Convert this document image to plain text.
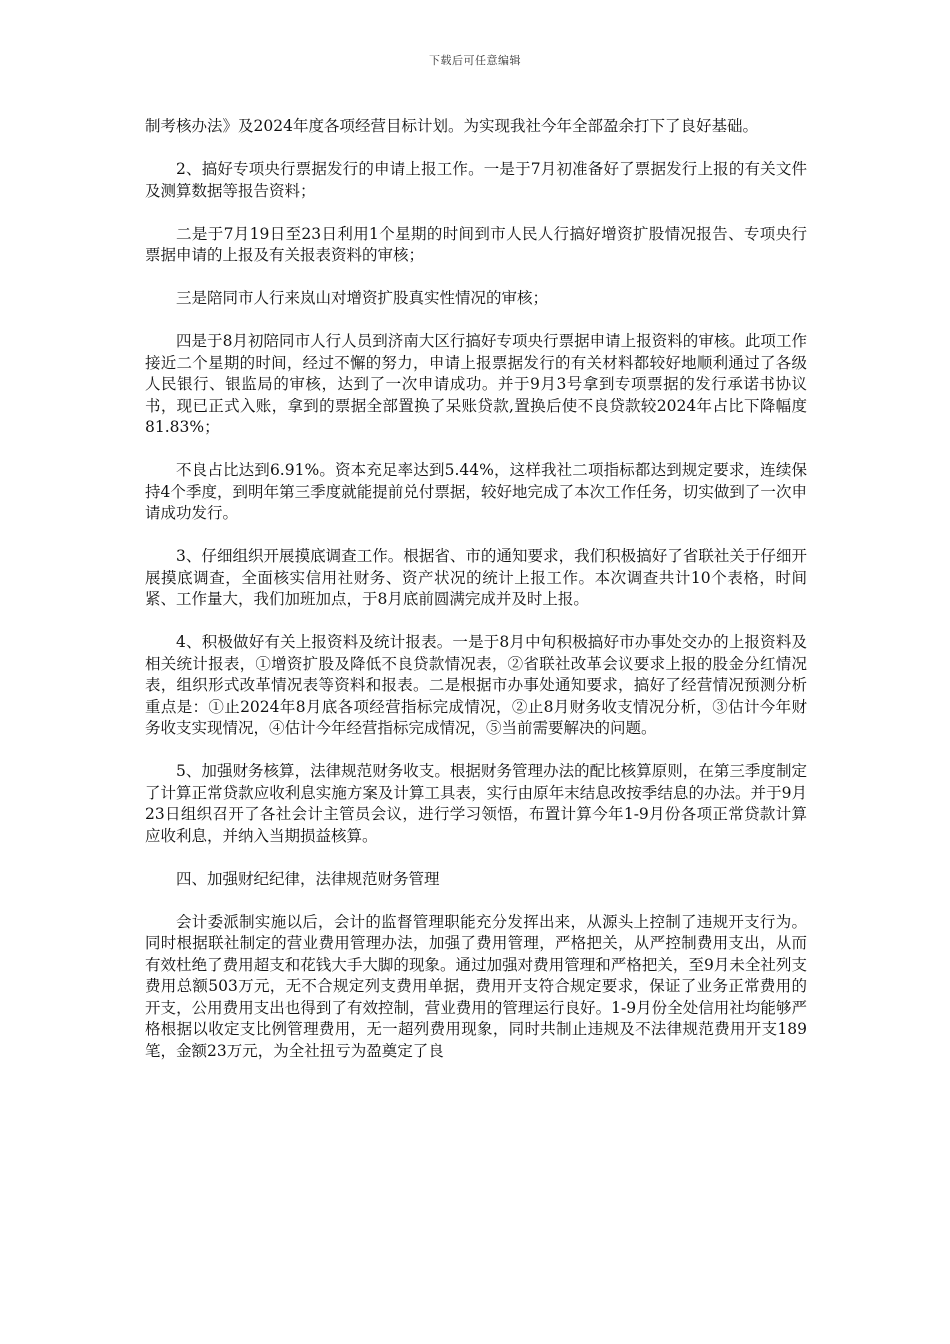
下载后可任意编辑

制考核办法》及2024年度各项经营目标计划。为实现我社今年全部盈余打下了良好基础。

2、搞好专项央行票据发行的申请上报工作。一是于7月初准备好了票据发行上报的有关文件及测算数据等报告资料；

二是于7月19日至23日利用1个星期的时间到市人民人行搞好增资扩股情况报告、专项央行票据申请的上报及有关报表资料的审核；

三是陪同市人行来岚山对增资扩股真实性情况的审核；

四是于8月初陪同市人行人员到济南大区行搞好专项央行票据申请上报资料的审核。此项工作接近二个星期的时间，经过不懈的努力，申请上报票据发行的有关材料都较好地顺利通过了各级人民银行、银监局的审核，达到了一次申请成功。并于9月3号拿到专项票据的发行承诺书协议书，现已正式入账，拿到的票据全部置换了呆账贷款,置换后使不良贷款较2024年占比下降幅度81.83%；

不良占比达到6.91%。资本充足率达到5.44%，这样我社二项指标都达到规定要求，连续保持4个季度，到明年第三季度就能提前兑付票据，较好地完成了本次工作任务，切实做到了一次申请成功发行。

3、仔细组织开展摸底调查工作。根据省、市的通知要求，我们积极搞好了省联社关于仔细开展摸底调查，全面核实信用社财务、资产状况的统计上报工作。本次调查共计10个表格，时间紧、工作量大，我们加班加点，于8月底前圆满完成并及时上报。

4、积极做好有关上报资料及统计报表。一是于8月中旬积极搞好市办事处交办的上报资料及相关统计报表，①增资扩股及降低不良贷款情况表，②省联社改革会议要求上报的股金分红情况表，组织形式改革情况表等资料和报表。二是根据市办事处通知要求，搞好了经营情况预测分析重点是：①止2024年8月底各项经营指标完成情况，②止8月财务收支情况分析，③估计今年财务收支实现情况，④估计今年经营指标完成情况，⑤当前需要解决的问题。

5、加强财务核算，法律规范财务收支。根据财务管理办法的配比核算原则，在第三季度制定了计算正常贷款应收利息实施方案及计算工具表，实行由原年末结息改按季结息的办法。并于9月23日组织召开了各社会计主管员会议，进行学习领悟，布置计算今年1-9月份各项正常贷款计算应收利息，并纳入当期损益核算。

四、加强财纪纪律，法律规范财务管理

会计委派制实施以后，会计的监督管理职能充分发挥出来，从源头上控制了违规开支行为。同时根据联社制定的营业费用管理办法，加强了费用管理，严格把关，从严控制费用支出，从而有效杜绝了费用超支和花钱大手大脚的现象。通过加强对费用管理和严格把关，至9月未全社列支费用总额503万元，无不合规定列支费用单据，费用开支符合规定要求，保证了业务正常费用的开支，公用费用支出也得到了有效控制，营业费用的管理运行良好。1-9月份全处信用社均能够严格根据以收定支比例管理费用，无一超列费用现象，同时共制止违规及不法律规范费用开支189笔，金额23万元，为全社扭亏为盈奠定了良
